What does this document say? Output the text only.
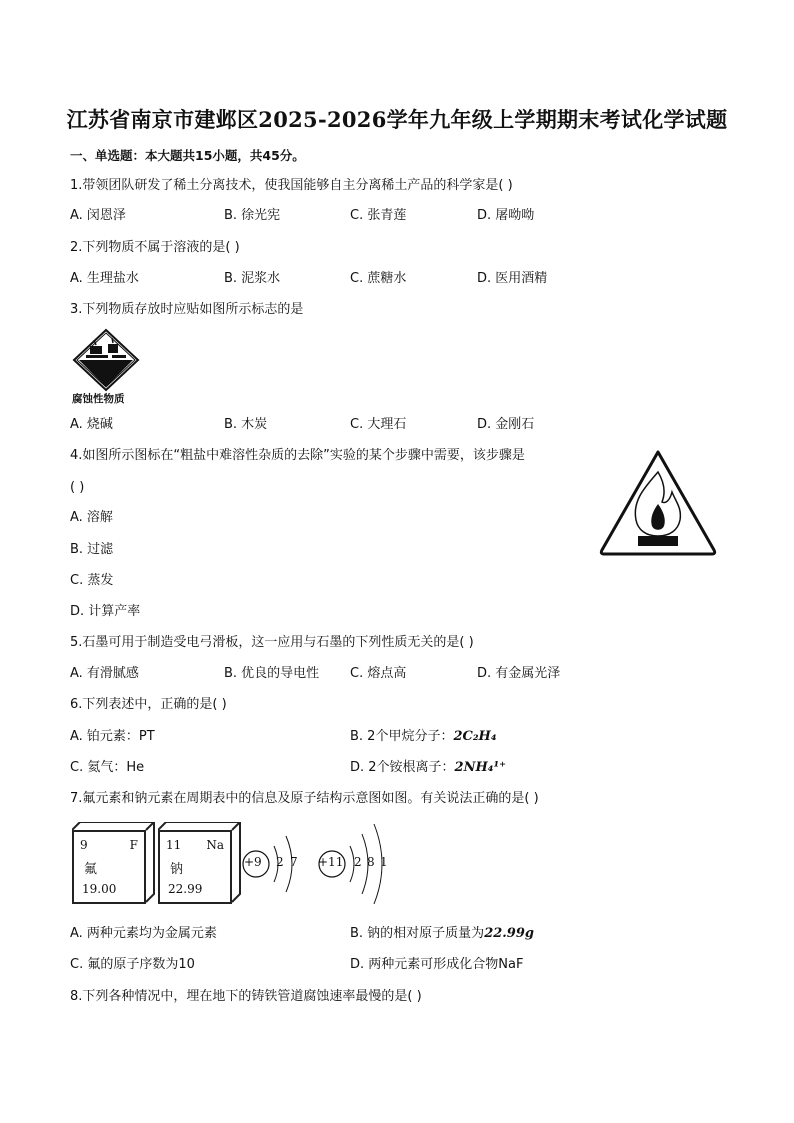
江苏省南京市建邺区2025-2026学年九年级上学期期末考试化学试题
一、单选题：本大题共15小题，共45分。
1.带领团队研发了稀土分离技术，使我国能够自主分离稀土产品的科学家是( )
A. 闵恩泽	B. 徐光宪	C. 张青莲	D. 屠呦呦
2.下列物质不属于溶液的是( )
A. 生理盐水	B. 泥浆水	C. 蔗糖水	D. 医用酒精
3.下列物质存放时应贴如图所示标志的是
腐蚀性物质
A. 烧碱	B. 木炭	C. 大理石	D. 金刚石
4.如图所示图标在“粗盐中难溶性杂质的去除”实验的某个步骤中需要，该步骤是
( )
A. 溶解
B. 过滤
C. 蒸发
D. 计算产率
5.石墨可用于制造受电弓滑板，这一应用与石墨的下列性质无关的是( )
A. 有滑腻感	B. 优良的导电性 C. 熔点高	D. 有金属光泽
6.下列表述中，正确的是( )
A. 铂元素：PT	B. 2个甲烷分子：2C₂H₄
C. 氦气：He	D. 2个铵根离子：2NH₄¹⁺
7.氟元素和钠元素在周期表中的信息及原子结构示意图如图。有关说法正确的是( )
9	F
氟
19.00
11 Na
钠
22.99
+9 2 7 +11 2 8 1
A. 两种元素均为金属元素	B. 钠的相对原子质量为22.99g
C. 氟的原子序数为10	D. 两种元素可形成化合物NaF
8.下列各种情况中，埋在地下的铸铁管道腐蚀速率最慢的是( )
